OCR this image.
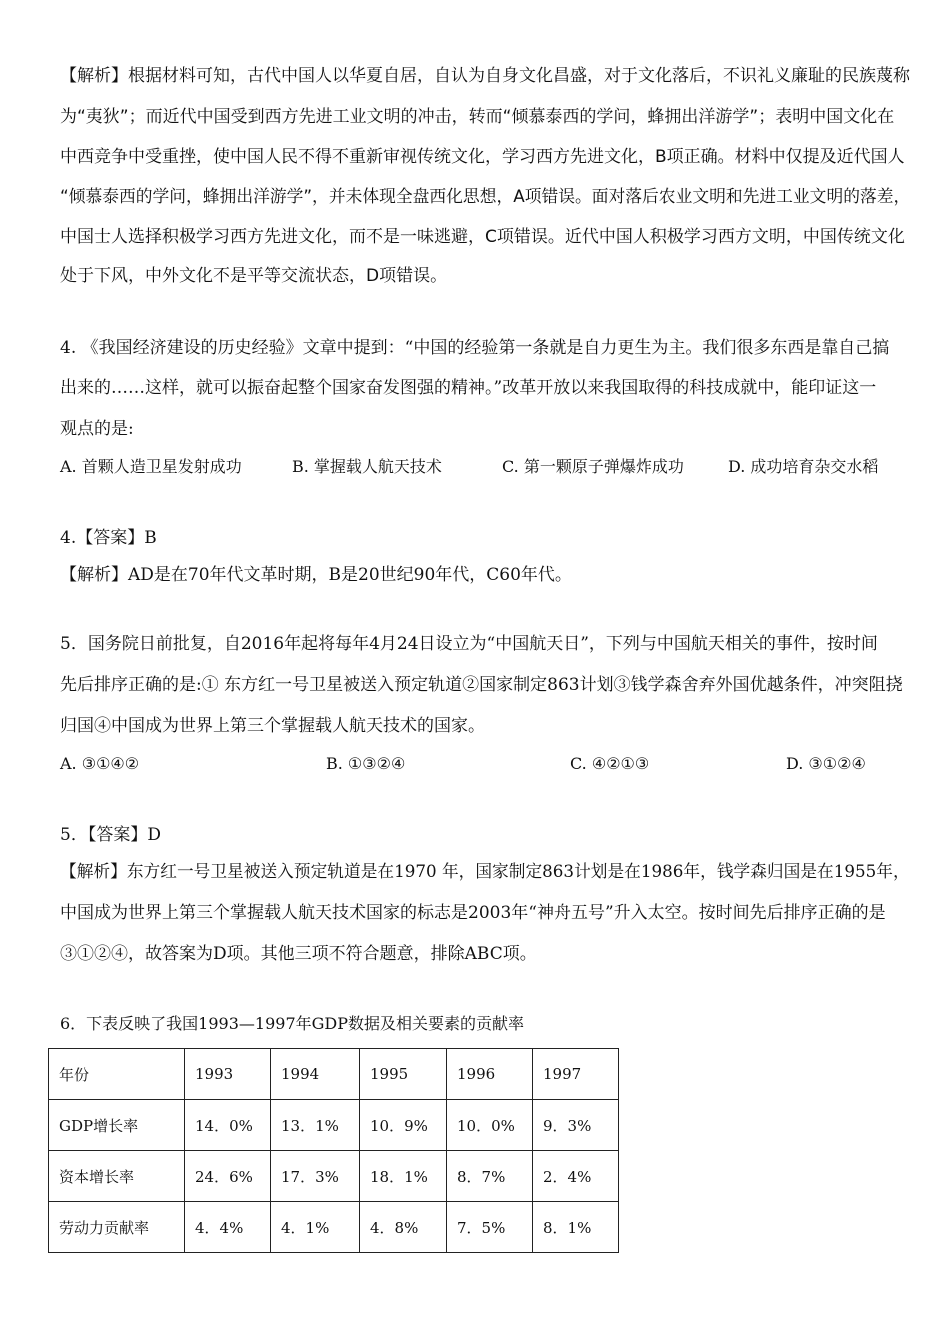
【解析】根据材料可知，古代中国人以华夏自居，自认为自身文化昌盛，对于文化落后，不识礼义廉耻的民族蔑称
为“夷狄”；而近代中国受到西方先进工业文明的冲击，转而“倾慕泰西的学问，蜂拥出洋游学”；表明中国文化在
中西竞争中受重挫，使中国人民不得不重新审视传统文化，学习西方先进文化，B项正确。材料中仅提及近代国人
“倾慕泰西的学问，蜂拥出洋游学”，并未体现全盘西化思想，A项错误。面对落后农业文明和先进工业文明的落差，
中国士人选择积极学习西方先进文化，而不是一味逃避，C项错误。近代中国人积极学习西方文明，中国传统文化
处于下风，中外文化不是平等交流状态，D项错误。
4. 《我国经济建设的历史经验》文章中提到：“中国的经验第一条就是自力更生为主。我们很多东西是靠自己搞
出来的……这样，就可以振奋起整个国家奋发图强的精神。”改革开放以来我国取得的科技成就中，能印证这一
观点的是:
A. 首颗人造卫星发射成功	B. 掌握载人航天技术	C. 第一颗原子弹爆炸成功	D. 成功培育杂交水稻
4.【答案】B
【解析】AD是在70年代文革时期，B是20世纪90年代，C60年代。
5．国务院日前批复，自2016年起将每年4月24日设立为“中国航天日”，下列与中国航天相关的事件，按时间
先后排序正确的是:① 东方红一号卫星被送入预定轨道②国家制定863计划③钱学森舍弃外国优越条件，冲突阻挠
归国④中国成为世界上第三个掌握载人航天技术的国家。
A. ③①④②	B. ①③②④	C. ④②①③	D. ③①②④
5．【答案】D
【解析】东方红一号卫星被送入预定轨道是在1970 年，国家制定863计划是在1986年，钱学森归国是在1955年，
中国成为世界上第三个掌握载人航天技术国家的标志是2003年“神舟五号”升入太空。按时间先后排序正确的是
③①②④，故答案为D项。其他三项不符合题意，排除ABC项。
6．下表反映了我国1993—1997年GDP数据及相关要素的贡献率
年份	1993	1994	1995	1996	1997
GDP增长率	14．0%	13．1%	10．9%	10．0%	9．3%
资本增长率	24．6%	17．3%	18．1%	8．7%	2．4%
劳动力贡献率	4．4%	4．1%	4．8%	7．5%	8．1%
